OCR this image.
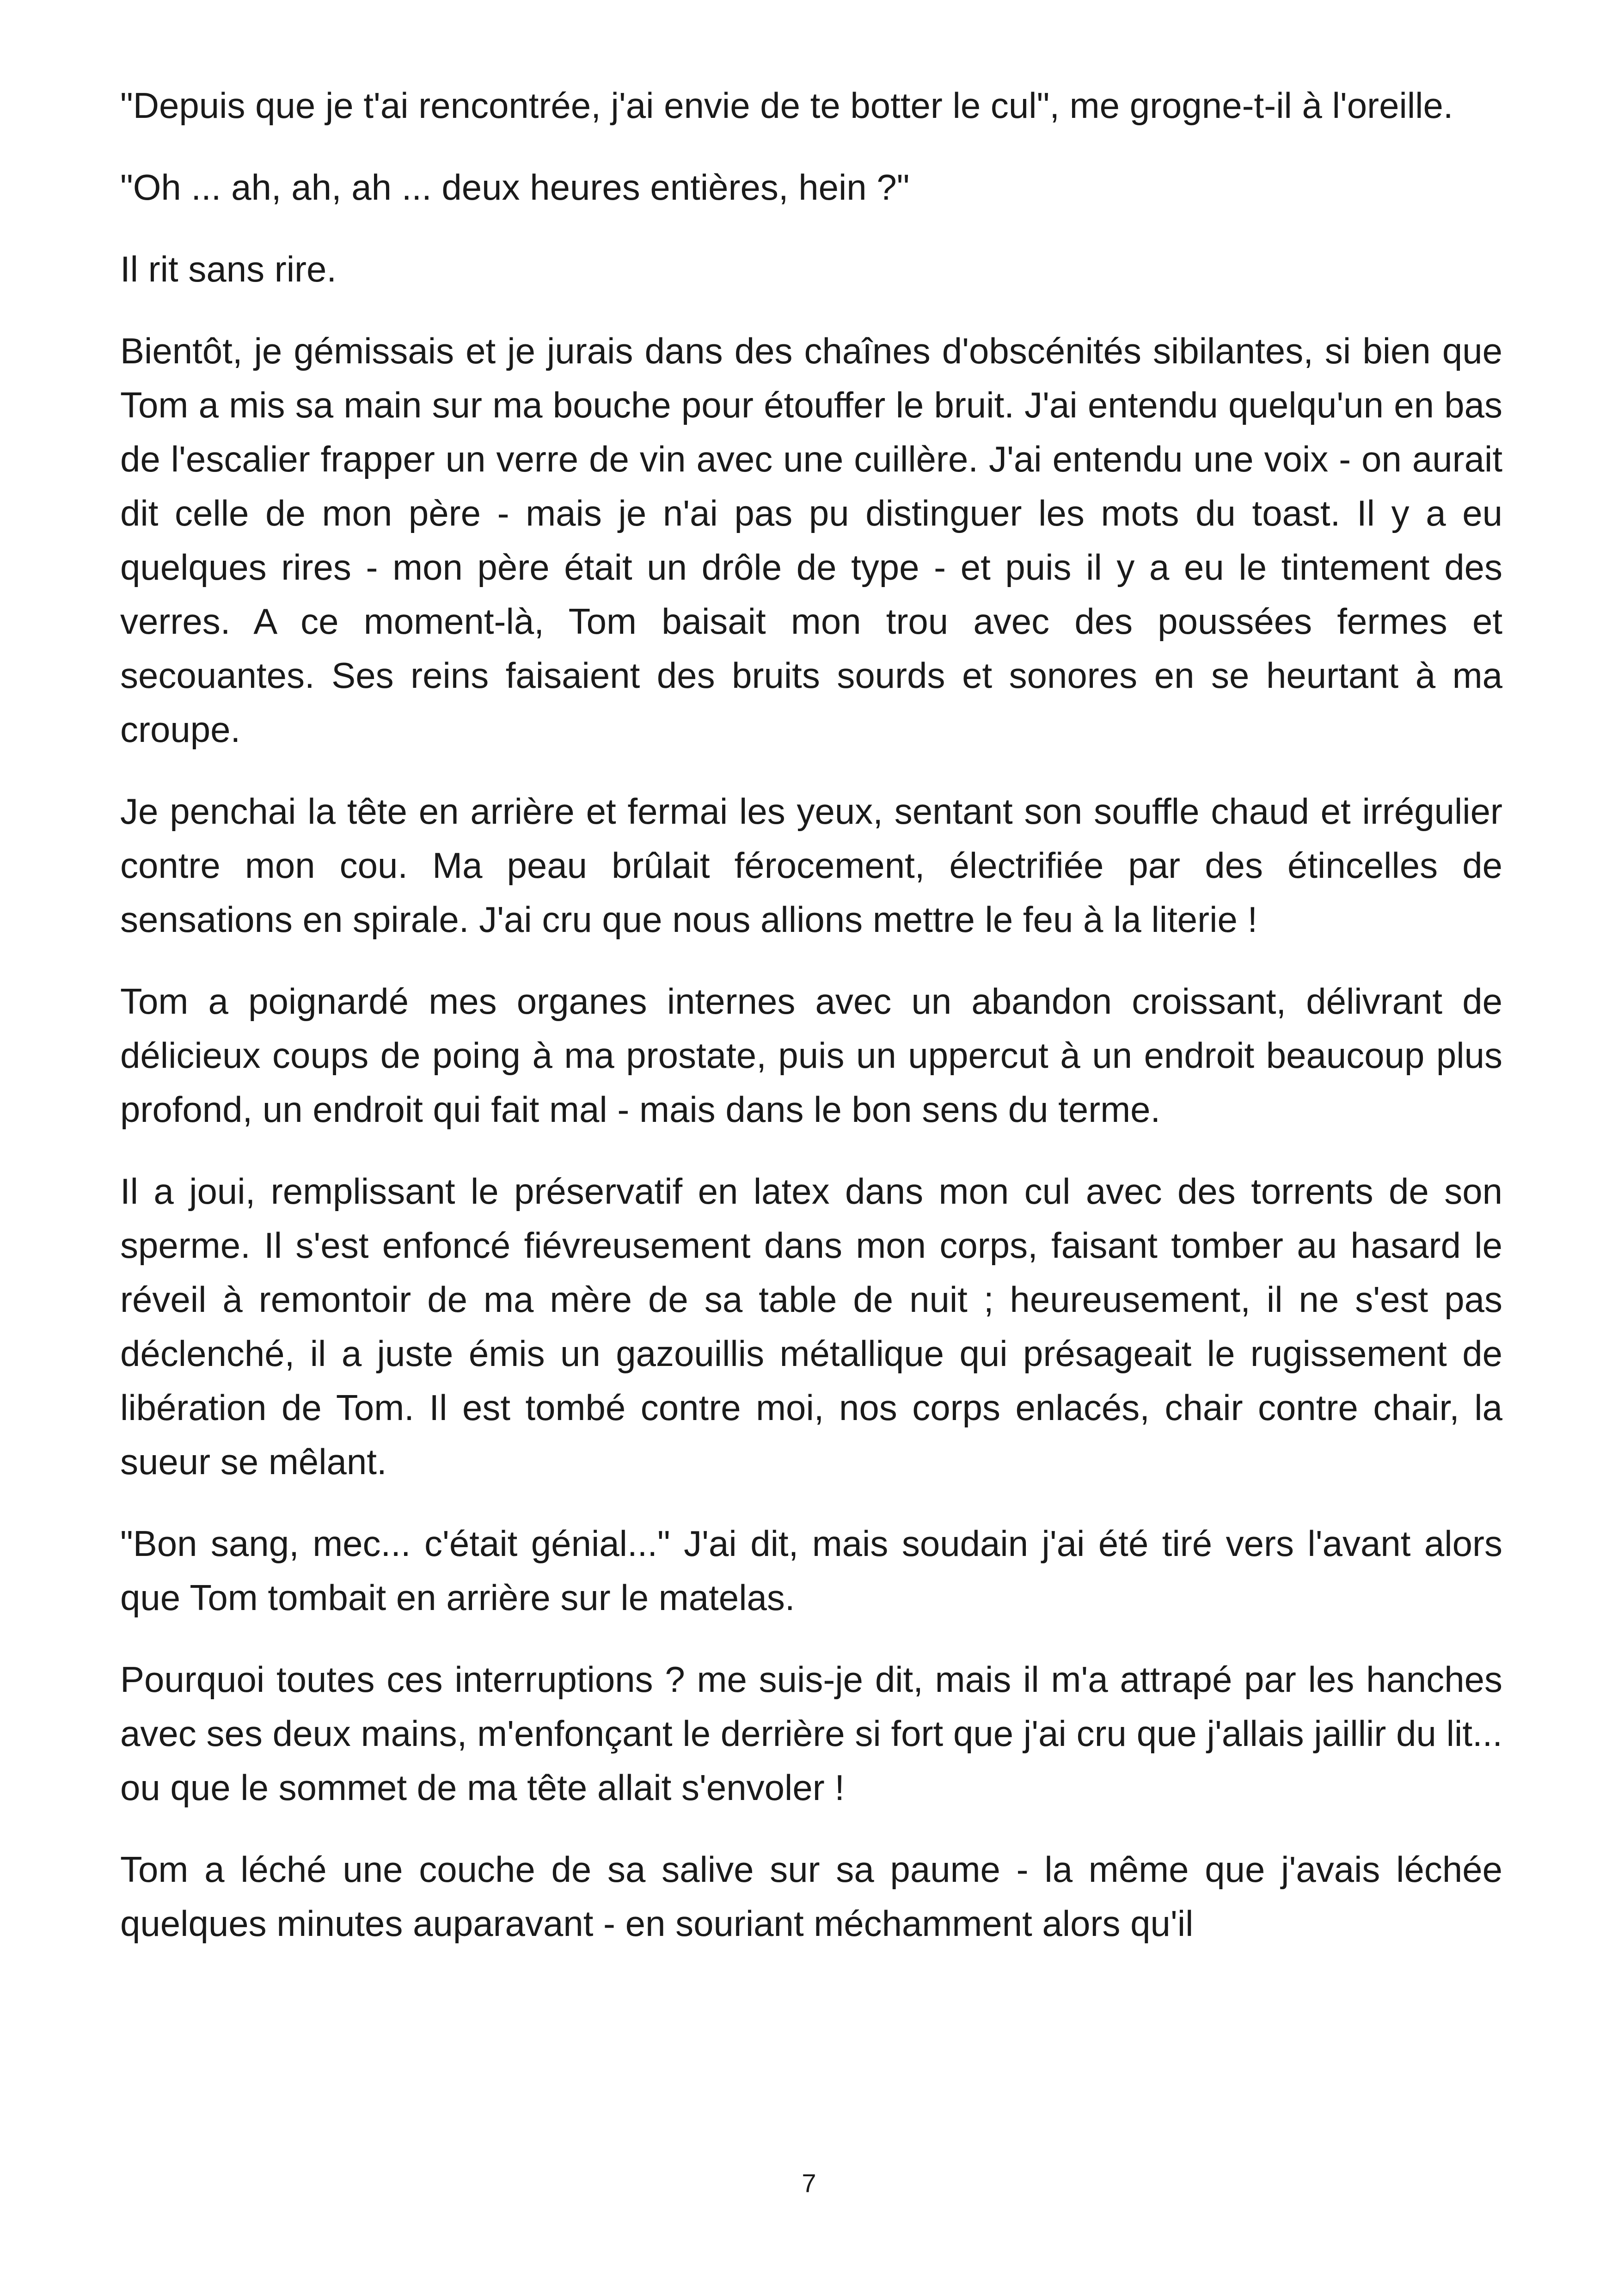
"Depuis que je t'ai rencontrée, j'ai envie de te botter le cul", me grogne-t-il à l'oreille.

"Oh ... ah, ah, ah ... deux heures entières, hein ?"

Il rit sans rire.

Bientôt, je gémissais et je jurais dans des chaînes d'obscénités sibilantes, si bien que Tom a mis sa main sur ma bouche pour étouffer le bruit. J'ai entendu quelqu'un en bas de l'escalier frapper un verre de vin avec une cuillère. J'ai entendu une voix - on aurait dit celle de mon père - mais je n'ai pas pu distinguer les mots du toast. Il y a eu quelques rires - mon père était un drôle de type - et puis il y a eu le tintement des verres. A ce moment-là, Tom baisait mon trou avec des poussées fermes et secouantes. Ses reins faisaient des bruits sourds et sonores en se heurtant à ma croupe.

Je penchai la tête en arrière et fermai les yeux, sentant son souffle chaud et irrégulier contre mon cou. Ma peau brûlait férocement, électrifiée par des étincelles de sensations en spirale. J'ai cru que nous allions mettre le feu à la literie !

Tom a poignardé mes organes internes avec un abandon croissant, délivrant de délicieux coups de poing à ma prostate, puis un uppercut à un endroit beaucoup plus profond, un endroit qui fait mal - mais dans le bon sens du terme.

Il a joui, remplissant le préservatif en latex dans mon cul avec des torrents de son sperme. Il s'est enfoncé fiévreusement dans mon corps, faisant tomber au hasard le réveil à remontoir de ma mère de sa table de nuit ; heureusement, il ne s'est pas déclenché, il a juste émis un gazouillis métallique qui présageait le rugissement de libération de Tom. Il est tombé contre moi, nos corps enlacés, chair contre chair, la sueur se mêlant.

"Bon sang, mec... c'était génial..." J'ai dit, mais soudain j'ai été tiré vers l'avant alors que Tom tombait en arrière sur le matelas.

Pourquoi toutes ces interruptions ? me suis-je dit, mais il m'a attrapé par les hanches avec ses deux mains, m'enfonçant le derrière si fort que j'ai cru que j'allais jaillir du lit... ou que le sommet de ma tête allait s'envoler !

Tom a léché une couche de sa salive sur sa paume - la même que j'avais léchée quelques minutes auparavant - en souriant méchamment alors qu'il

7
